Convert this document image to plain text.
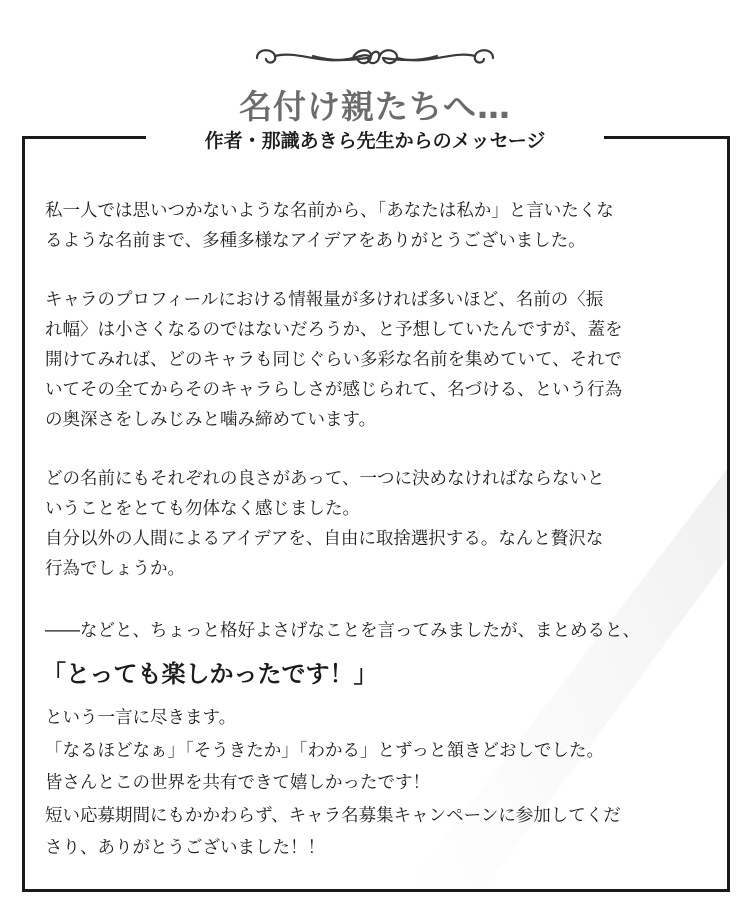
名付け親たちへ…
作者・那識あきら先生からのメッセージ
私一人では思いつかないような名前から、「あなたは私か」と言いたくな
るような名前まで、多種多様なアイデアをありがとうございました。
キャラのプロフィールにおける情報量が多ければ多いほど、名前の〈振
れ幅〉は小さくなるのではないだろうか、と予想していたんですが、蓋を
開けてみれば、どのキャラも同じぐらい多彩な名前を集めていて、それで
いてその全てからそのキャラらしさが感じられて、名づける、という行為
の奥深さをしみじみと噛み締めています。
どの名前にもそれぞれの良さがあって、一つに決めなければならないと
いうことをとても勿体なく感じました。
自分以外の人間によるアイデアを、自由に取捨選択する。なんと贅沢な
行為でしょうか。
――などと、ちょっと格好よさげなことを言ってみましたが、まとめると、
「とっても楽しかったです！」
という一言に尽きます。
「なるほどなぁ」「そうきたか」「わかる」とずっと頷きどおしでした。
皆さんとこの世界を共有できて嬉しかったです！
短い応募期間にもかかわらず、キャラ名募集キャンペーンに参加してくだ
さり、ありがとうございました！！
